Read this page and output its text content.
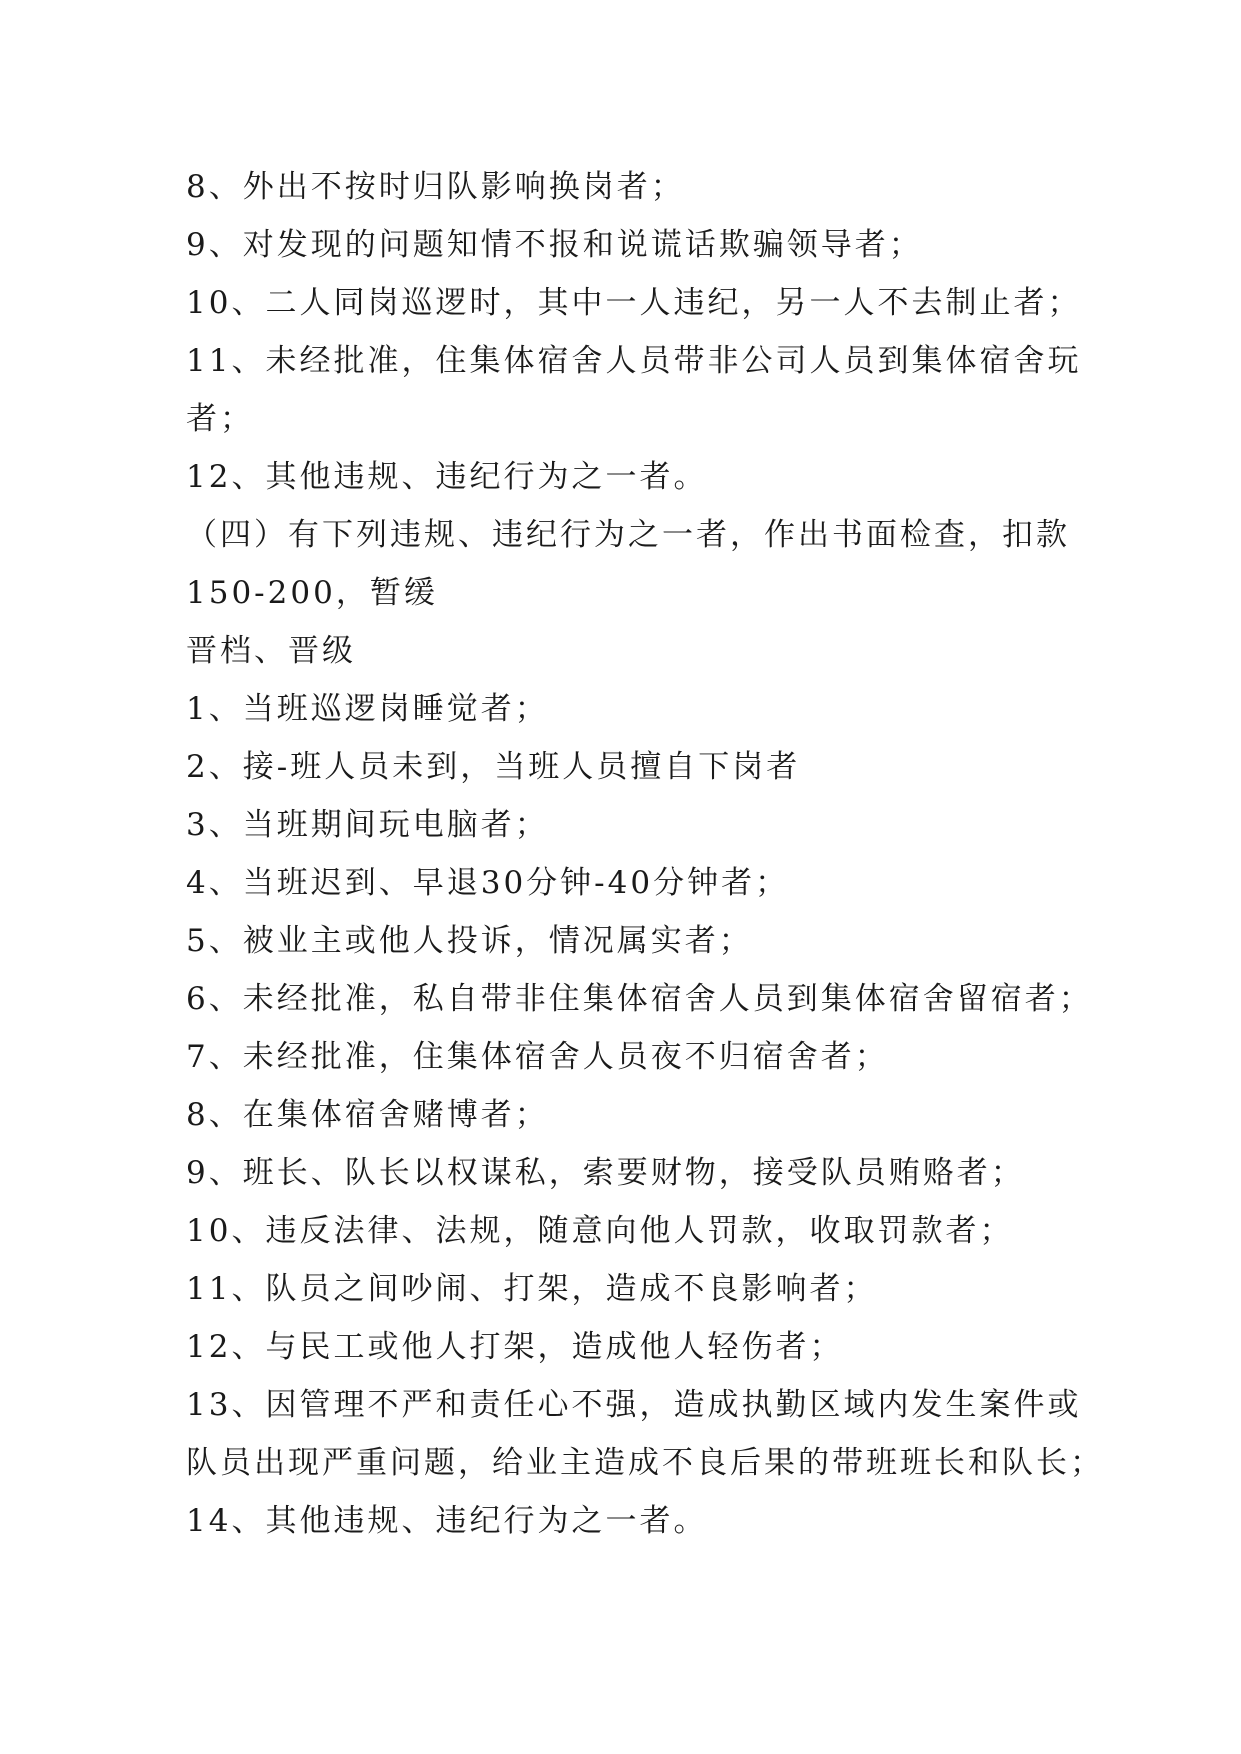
8、外出不按时归队影响换岗者；
9、对发现的问题知情不报和说谎话欺骗领导者；
10、二人同岗巡逻时，其中一人违纪，另一人不去制止者；
11、未经批准，住集体宿舍人员带非公司人员到集体宿舍玩
者；
12、其他违规、违纪行为之一者。
（四）有下列违规、违纪行为之一者，作出书面检查，扣款
150-200，暂缓
晋档、晋级
1、当班巡逻岗睡觉者；
2、接-班人员未到，当班人员擅自下岗者
3、当班期间玩电脑者；
4、当班迟到、早退30分钟-40分钟者；
5、被业主或他人投诉，情况属实者；
6、未经批准，私自带非住集体宿舍人员到集体宿舍留宿者；
7、未经批准，住集体宿舍人员夜不归宿舍者；
8、在集体宿舍赌博者；
9、班长、队长以权谋私，索要财物，接受队员贿赂者；
10、违反法律、法规，随意向他人罚款，收取罚款者；
11、队员之间吵闹、打架，造成不良影响者；
12、与民工或他人打架，造成他人轻伤者；
13、因管理不严和责任心不强，造成执勤区域内发生案件或
队员出现严重问题，给业主造成不良后果的带班班长和队长；
14、其他违规、违纪行为之一者。
